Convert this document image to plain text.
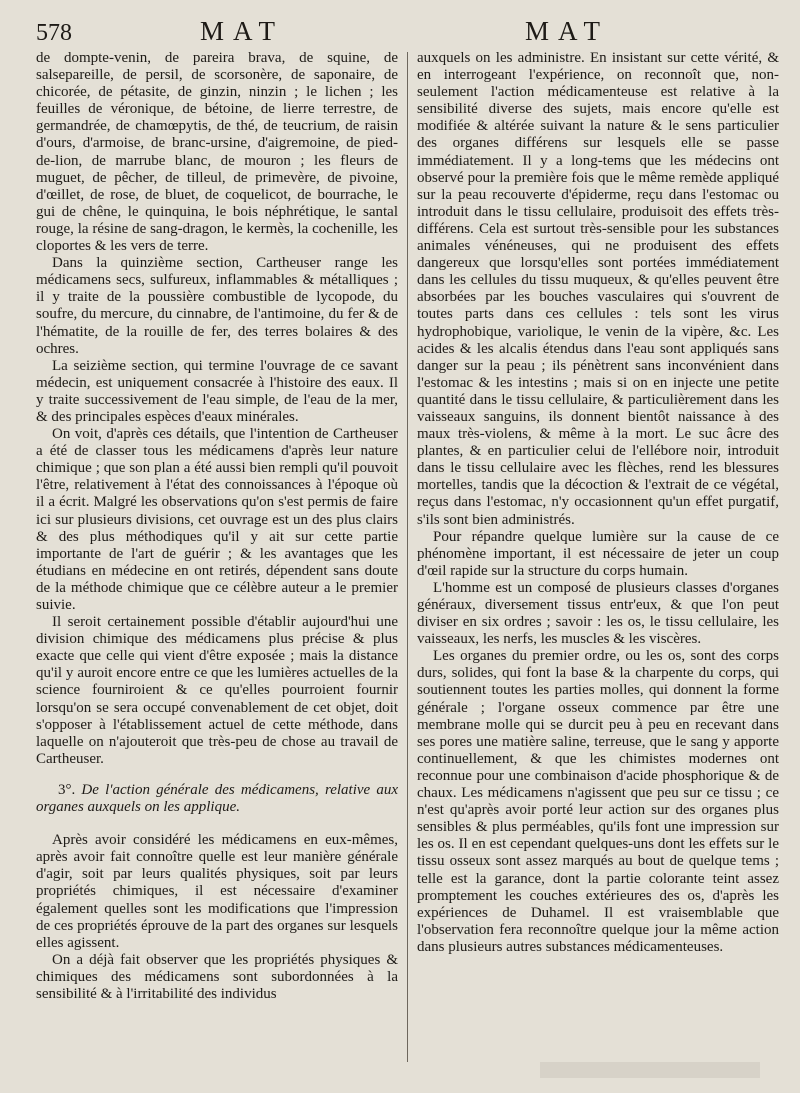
578	MAT	MAT

de dompte-venin, de pareira brava, de squine, de salsepareille, de persil, de scorsonère, de saponaire, de chicorée, de pétasite, de ginzin, ninzin ; le lichen ; les feuilles de véronique, de bétoine, de lierre terrestre, de germandrée, de chamœpytis, de thé, de teucrium, de raisin d'ours, d'armoise, de branc-ursine, d'aigremoine, de pied-de-lion, de marrube blanc, de mouron ; les fleurs de muguet, de pêcher, de tilleul, de primevère, de pivoine, d'œillet, de rose, de bluet, de coquelicot, de bourrache, le gui de chêne, le quinquina, le bois néphrétique, le santal rouge, la résine de sang-dragon, le kermès, la cochenille, les cloportes & les vers de terre.

Dans la quinzième section, Cartheuser range les médicamens secs, sulfureux, inflammables & métalliques ; il y traite de la poussière combustible de lycopode, du soufre, du mercure, du cinnabre, de l'antimoine, du fer & de l'hématite, de la rouille de fer, des terres bolaires & des ochres.

La seizième section, qui termine l'ouvrage de ce savant médecin, est uniquement consacrée à l'histoire des eaux. Il y traite successivement de l'eau simple, de l'eau de la mer, & des principales espèces d'eaux minérales.

On voit, d'après ces détails, que l'intention de Cartheuser a été de classer tous les médicamens d'après leur nature chimique ; que son plan a été aussi bien rempli qu'il pouvoit l'être, relativement à l'état des connoissances à l'époque où il a écrit. Malgré les observations qu'on s'est permis de faire ici sur plusieurs divisions, cet ouvrage est un des plus clairs & des plus méthodiques qu'il y ait sur cette partie importante de l'art de guérir ; & les avantages que les étudians en médecine en ont retirés, dépendent sans doute de la méthode chimique que ce célèbre auteur a le premier suivie.

Il seroit certainement possible d'établir aujourd'hui une division chimique des médicamens plus précise & plus exacte que celle qui vient d'être exposée ; mais la distance qu'il y auroit encore entre ce que les lumières actuelles de la science fourniroient & ce qu'elles pourroient fournir lorsqu'on se sera occupé convenablement de cet objet, doit s'opposer à l'établissement actuel de cette méthode, dans laquelle on n'ajouteroit que très-peu de chose au travail de Cartheuser.

3°. De l'action générale des médicamens, relative aux organes auxquels on les applique.

Après avoir considéré les médicamens en eux-mêmes, après avoir fait connoître quelle est leur manière générale d'agir, soit par leurs qualités physiques, soit par leurs propriétés chimiques, il est nécessaire d'examiner également quelles sont les modifications que l'impression de ces propriétés éprouve de la part des organes sur lesquels elles agissent.

On a déjà fait observer que les propriétés physiques & chimiques des médicamens sont subordonnées à la sensibilité & à l'irritabilité des individus

auxquels on les administre. En insistant sur cette vérité, & en interrogeant l'expérience, on reconnoît que, non-seulement l'action médicamenteuse est relative à la sensibilité diverse des sujets, mais encore qu'elle est modifiée & altérée suivant la nature & le sens particulier des organes différens sur lesquels elle se passe immédiatement. Il y a long-tems que les médecins ont observé pour la première fois que le même remède appliqué sur la peau recouverte d'épiderme, reçu dans l'estomac ou introduit dans le tissu cellulaire, produisoit des effets très-différens. Cela est surtout très-sensible pour les substances animales vénéneuses, qui ne produisent des effets dangereux que lorsqu'elles sont portées immédiatement dans les cellules du tissu muqueux, & qu'elles peuvent être absorbées par les bouches vasculaires qui s'ouvrent de toutes parts dans ces cellules : tels sont les virus hydrophobique, variolique, le venin de la vipère, &c. Les acides & les alcalis étendus dans l'eau sont appliqués sans danger sur la peau ; ils pénètrent sans inconvénient dans l'estomac & les intestins ; mais si on en injecte une petite quantité dans le tissu cellulaire, & particulièrement dans les vaisseaux sanguins, ils donnent bientôt naissance à des maux très-violens, & même à la mort. Le suc âcre des plantes, & en particulier celui de l'ellébore noir, introduit dans le tissu cellulaire avec les flèches, rend les blessures mortelles, tandis que la décoction & l'extrait de ce végétal, reçus dans l'estomac, n'y occasionnent qu'un effet purgatif, s'ils sont bien administrés.

Pour répandre quelque lumière sur la cause de ce phénomène important, il est nécessaire de jeter un coup d'œil rapide sur la structure du corps humain.

L'homme est un composé de plusieurs classes d'organes généraux, diversement tissus entr'eux, & que l'on peut diviser en six ordres ; savoir : les os, le tissu cellulaire, les vaisseaux, les nerfs, les muscles & les viscères.

Les organes du premier ordre, ou les os, sont des corps durs, solides, qui font la base & la charpente du corps, qui soutiennent toutes les parties molles, qui donnent la forme générale ; l'organe osseux commence par être une membrane molle qui se durcit peu à peu en recevant dans ses pores une matière saline, terreuse, que le sang y apporte continuellement, & que les chimistes modernes ont reconnue pour une combinaison d'acide phosphorique & de chaux. Les médicamens n'agissent que peu sur ce tissu ; ce n'est qu'après avoir porté leur action sur des organes plus sensibles & plus perméables, qu'ils font une impression sur les os. Il en est cependant quelques-uns dont les effets sur le tissu osseux sont assez marqués au bout de quelque tems ; telle est la garance, dont la partie colorante teint assez promptement les couches extérieures des os, d'après les expériences de Duhamel. Il est vraisemblable que l'observation fera reconnoître quelque jour la même action dans plusieurs autres substances médicamenteuses.
